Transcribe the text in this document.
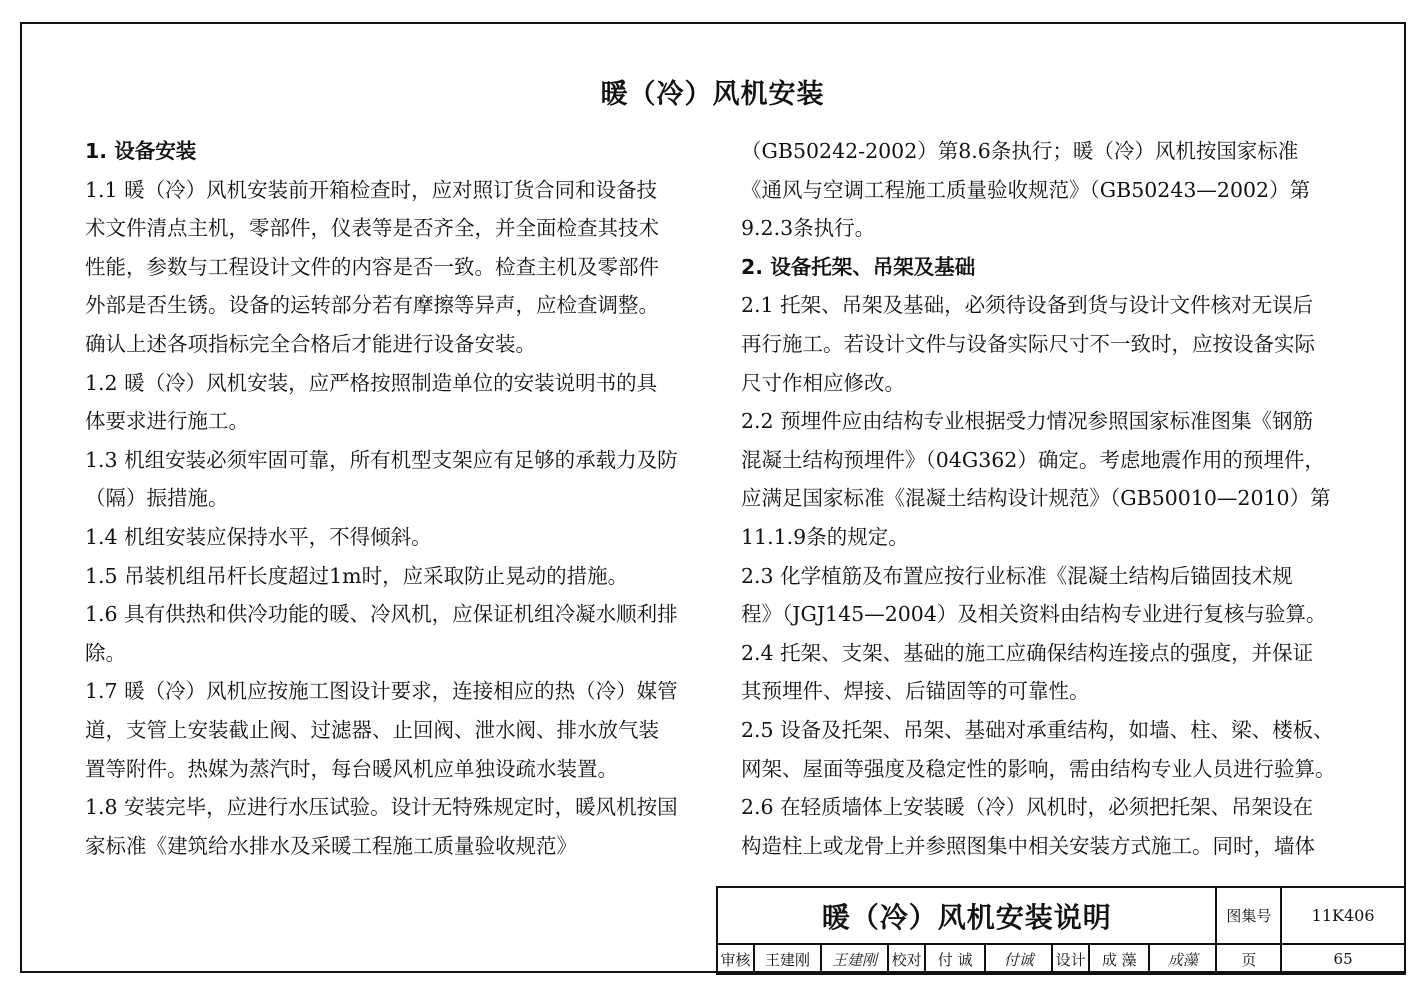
暖（冷）风机安装
1. 设备安装
1.1 暖（冷）风机安装前开箱检查时，应对照订货合同和设备技
术文件清点主机，零部件，仪表等是否齐全，并全面检查其技术
性能，参数与工程设计文件的内容是否一致。检查主机及零部件
外部是否生锈。设备的运转部分若有摩擦等异声，应检查调整。
确认上述各项指标完全合格后才能进行设备安装。
1.2 暖（冷）风机安装，应严格按照制造单位的安装说明书的具
体要求进行施工。
1.3 机组安装必须牢固可靠，所有机型支架应有足够的承载力及防
（隔）振措施。
1.4 机组安装应保持水平，不得倾斜。
1.5 吊装机组吊杆长度超过1m时，应采取防止晃动的措施。
1.6 具有供热和供冷功能的暖、冷风机，应保证机组冷凝水顺利排
除。
1.7 暖（冷）风机应按施工图设计要求，连接相应的热（冷）媒管
道，支管上安装截止阀、过滤器、止回阀、泄水阀、排水放气装
置等附件。热媒为蒸汽时，每台暖风机应单独设疏水装置。
1.8 安装完毕，应进行水压试验。设计无特殊规定时，暖风机按国
家标准《建筑给水排水及采暖工程施工质量验收规范》
（GB50242-2002）第8.6条执行；暖（冷）风机按国家标准
《通风与空调工程施工质量验收规范》（GB50243—2002）第
9.2.3条执行。
2. 设备托架、吊架及基础
2.1 托架、吊架及基础，必须待设备到货与设计文件核对无误后
再行施工。若设计文件与设备实际尺寸不一致时，应按设备实际
尺寸作相应修改。
2.2 预埋件应由结构专业根据受力情况参照国家标准图集《钢筋
混凝土结构预埋件》（04G362）确定。考虑地震作用的预埋件，
应满足国家标准《混凝土结构设计规范》（GB50010—2010）第
11.1.9条的规定。
2.3 化学植筋及布置应按行业标准《混凝土结构后锚固技术规
程》（JGJ145—2004）及相关资料由结构专业进行复核与验算。
2.4 托架、支架、基础的施工应确保结构连接点的强度，并保证
其预埋件、焊接、后锚固等的可靠性。
2.5 设备及托架、吊架、基础对承重结构，如墙、柱、梁、楼板、
网架、屋面等强度及稳定性的影响，需由结构专业人员进行验算。
2.6 在轻质墙体上安装暖（冷）风机时，必须把托架、吊架设在
构造柱上或龙骨上并参照图集中相关安装方式施工。同时，墙体
暖（冷）风机安装说明									图集号	11K406
审核	王建刚	王建刚	校对	付 诚	付诚	设计	成 藻	成藻	页	65
